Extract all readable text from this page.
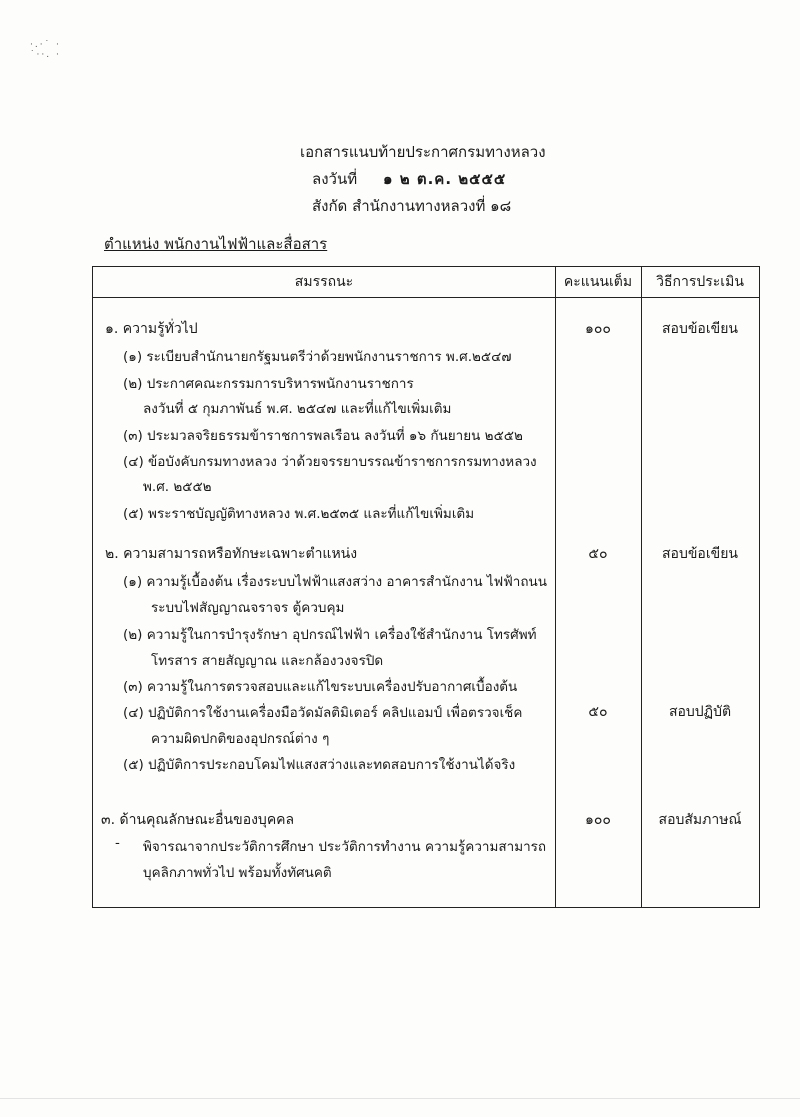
·.·˙ ·
˙··. ·
เอกสารแนบท้ายประกาศกรมทางหลวง
ลงวันที่ ๑ ๒ ต.ค. ๒๕๕๕
สังกัด สำนักงานทางหลวงที่ ๑๘
ตำแหน่ง พนักงานไฟฟ้าและสื่อสาร
สมรรถนะ	คะแนนเต็ม	วิธีการประเมิน
๑. ความรู้ทั่วไป	๑๐๐	สอบข้อเขียน
(๑) ระเบียบสำนักนายกรัฐมนตรีว่าด้วยพนักงานราชการ พ.ศ.๒๕๔๗
(๒) ประกาศคณะกรรมการบริหารพนักงานราชการ
ลงวันที่ ๕ กุมภาพันธ์ พ.ศ. ๒๕๔๗ และที่แก้ไขเพิ่มเติม
(๓) ประมวลจริยธรรมข้าราชการพลเรือน ลงวันที่ ๑๖ กันยายน ๒๕๕๒
(๔) ข้อบังคับกรมทางหลวง ว่าด้วยจรรยาบรรณข้าราชการกรมทางหลวง
พ.ศ. ๒๕๕๒
(๕) พระราชบัญญัติทางหลวง พ.ศ.๒๕๓๕ และที่แก้ไขเพิ่มเติม
๒. ความสามารถหรือทักษะเฉพาะตำแหน่ง	๕๐	สอบข้อเขียน
(๑) ความรู้เบื้องต้น เรื่องระบบไฟฟ้าแสงสว่าง อาคารสำนักงาน ไฟฟ้าถนน
ระบบไฟสัญญาณจราจร ตู้ควบคุม
(๒) ความรู้ในการบำรุงรักษา อุปกรณ์ไฟฟ้า เครื่องใช้สำนักงาน โทรศัพท์
โทรสาร สายสัญญาณ และกล้องวงจรปิด
(๓) ความรู้ในการตรวจสอบและแก้ไขระบบเครื่องปรับอากาศเบื้องต้น
(๔) ปฏิบัติการใช้งานเครื่องมือวัดมัลติมิเตอร์ คลิปแอมป์ เพื่อตรวจเช็ค	๕๐	สอบปฏิบัติ
ความผิดปกติของอุปกรณ์ต่าง ๆ
(๕) ปฏิบัติการประกอบโคมไฟแสงสว่างและทดสอบการใช้งานได้จริง
๓. ด้านคุณลักษณะอื่นของบุคคล	๑๐๐	สอบสัมภาษณ์
- พิจารณาจากประวัติการศึกษา ประวัติการทำงาน ความรู้ความสามารถ
บุคลิกภาพทั่วไป พร้อมทั้งทัศนคติ
